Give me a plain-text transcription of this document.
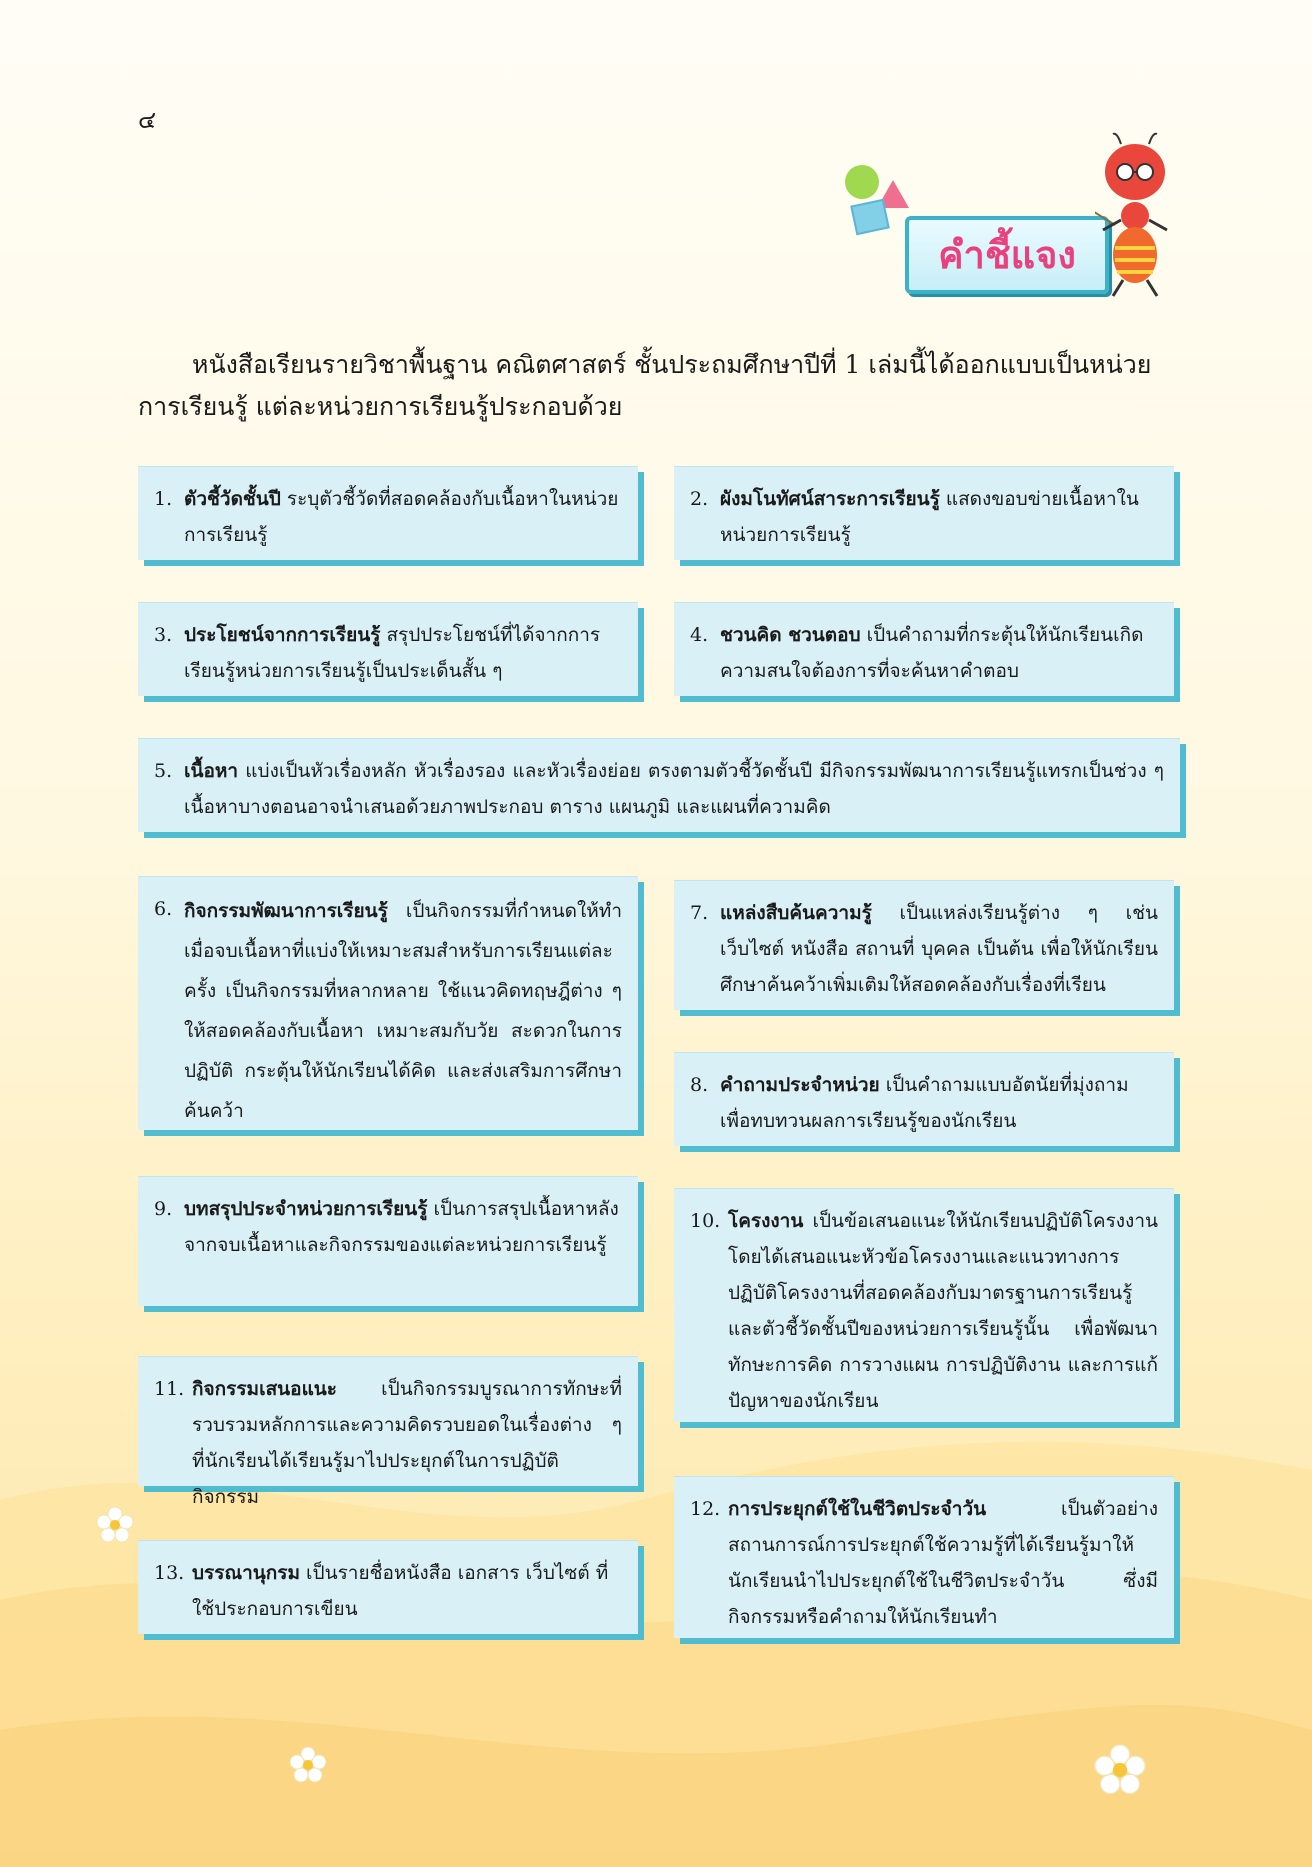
๔
คำชี้แจง
หนังสือเรียนรายวิชาพื้นฐาน คณิตศาสตร์ ชั้นประถมศึกษาปีที่ 1 เล่มนี้ได้ออกแบบเป็นหน่วยการเรียนรู้ แต่ละหน่วยการเรียนรู้ประกอบด้วย
1. ตัวชี้วัดชั้นปี ระบุตัวชี้วัดที่สอดคล้องกับเนื้อหาในหน่วยการเรียนรู้
2. ผังมโนทัศน์สาระการเรียนรู้ แสดงขอบข่ายเนื้อหาในหน่วยการเรียนรู้
3. ประโยชน์จากการเรียนรู้ สรุปประโยชน์ที่ได้จากการเรียนรู้หน่วยการเรียนรู้เป็นประเด็นสั้น ๆ
4. ชวนคิด ชวนตอบ เป็นคำถามที่กระตุ้นให้นักเรียนเกิดความสนใจต้องการที่จะค้นหาคำตอบ
5. เนื้อหา แบ่งเป็นหัวเรื่องหลัก หัวเรื่องรอง และหัวเรื่องย่อย ตรงตามตัวชี้วัดชั้นปี มีกิจกรรมพัฒนาการเรียนรู้แทรกเป็นช่วง ๆ เนื้อหาบางตอนอาจนำเสนอด้วยภาพประกอบ ตาราง แผนภูมิ และแผนที่ความคิด
6. กิจกรรมพัฒนาการเรียนรู้ เป็นกิจกรรมที่กำหนดให้ทำเมื่อจบเนื้อหาที่แบ่งให้เหมาะสมสำหรับการเรียนแต่ละครั้ง เป็นกิจกรรมที่หลากหลาย ใช้แนวคิดทฤษฎีต่าง ๆ ให้สอดคล้องกับเนื้อหา เหมาะสมกับวัย สะดวกในการปฏิบัติ กระตุ้นให้นักเรียนได้คิด และส่งเสริมการศึกษาค้นคว้า
7. แหล่งสืบค้นความรู้ เป็นแหล่งเรียนรู้ต่าง ๆ เช่น เว็บไซต์ หนังสือ สถานที่ บุคคล เป็นต้น เพื่อให้นักเรียนศึกษาค้นคว้าเพิ่มเติมให้สอดคล้องกับเรื่องที่เรียน
8. คำถามประจำหน่วย เป็นคำถามแบบอัตนัยที่มุ่งถามเพื่อทบทวนผลการเรียนรู้ของนักเรียน
9. บทสรุปประจำหน่วยการเรียนรู้ เป็นการสรุปเนื้อหาหลังจากจบเนื้อหาและกิจกรรมของแต่ละหน่วยการเรียนรู้
10. โครงงาน เป็นข้อเสนอแนะให้นักเรียนปฏิบัติโครงงานโดยได้เสนอแนะหัวข้อโครงงานและแนวทางการปฏิบัติโครงงานที่สอดคล้องกับมาตรฐานการเรียนรู้และตัวชี้วัดชั้นปีของหน่วยการเรียนรู้นั้น เพื่อพัฒนาทักษะการคิด การวางแผน การปฏิบัติงาน และการแก้ปัญหาของนักเรียน
11. กิจกรรมเสนอแนะ เป็นกิจกรรมบูรณาการทักษะที่รวบรวมหลักการและความคิดรวบยอดในเรื่องต่าง ๆ ที่นักเรียนได้เรียนรู้มาไปประยุกต์ในการปฏิบัติกิจกรรม
12. การประยุกต์ใช้ในชีวิตประจำวัน เป็นตัวอย่างสถานการณ์การประยุกต์ใช้ความรู้ที่ได้เรียนรู้มาให้นักเรียนนำไปประยุกต์ใช้ในชีวิตประจำวัน ซึ่งมีกิจกรรมหรือคำถามให้นักเรียนทำ
13. บรรณานุกรม เป็นรายชื่อหนังสือ เอกสาร เว็บไซต์ ที่ใช้ประกอบการเขียน
